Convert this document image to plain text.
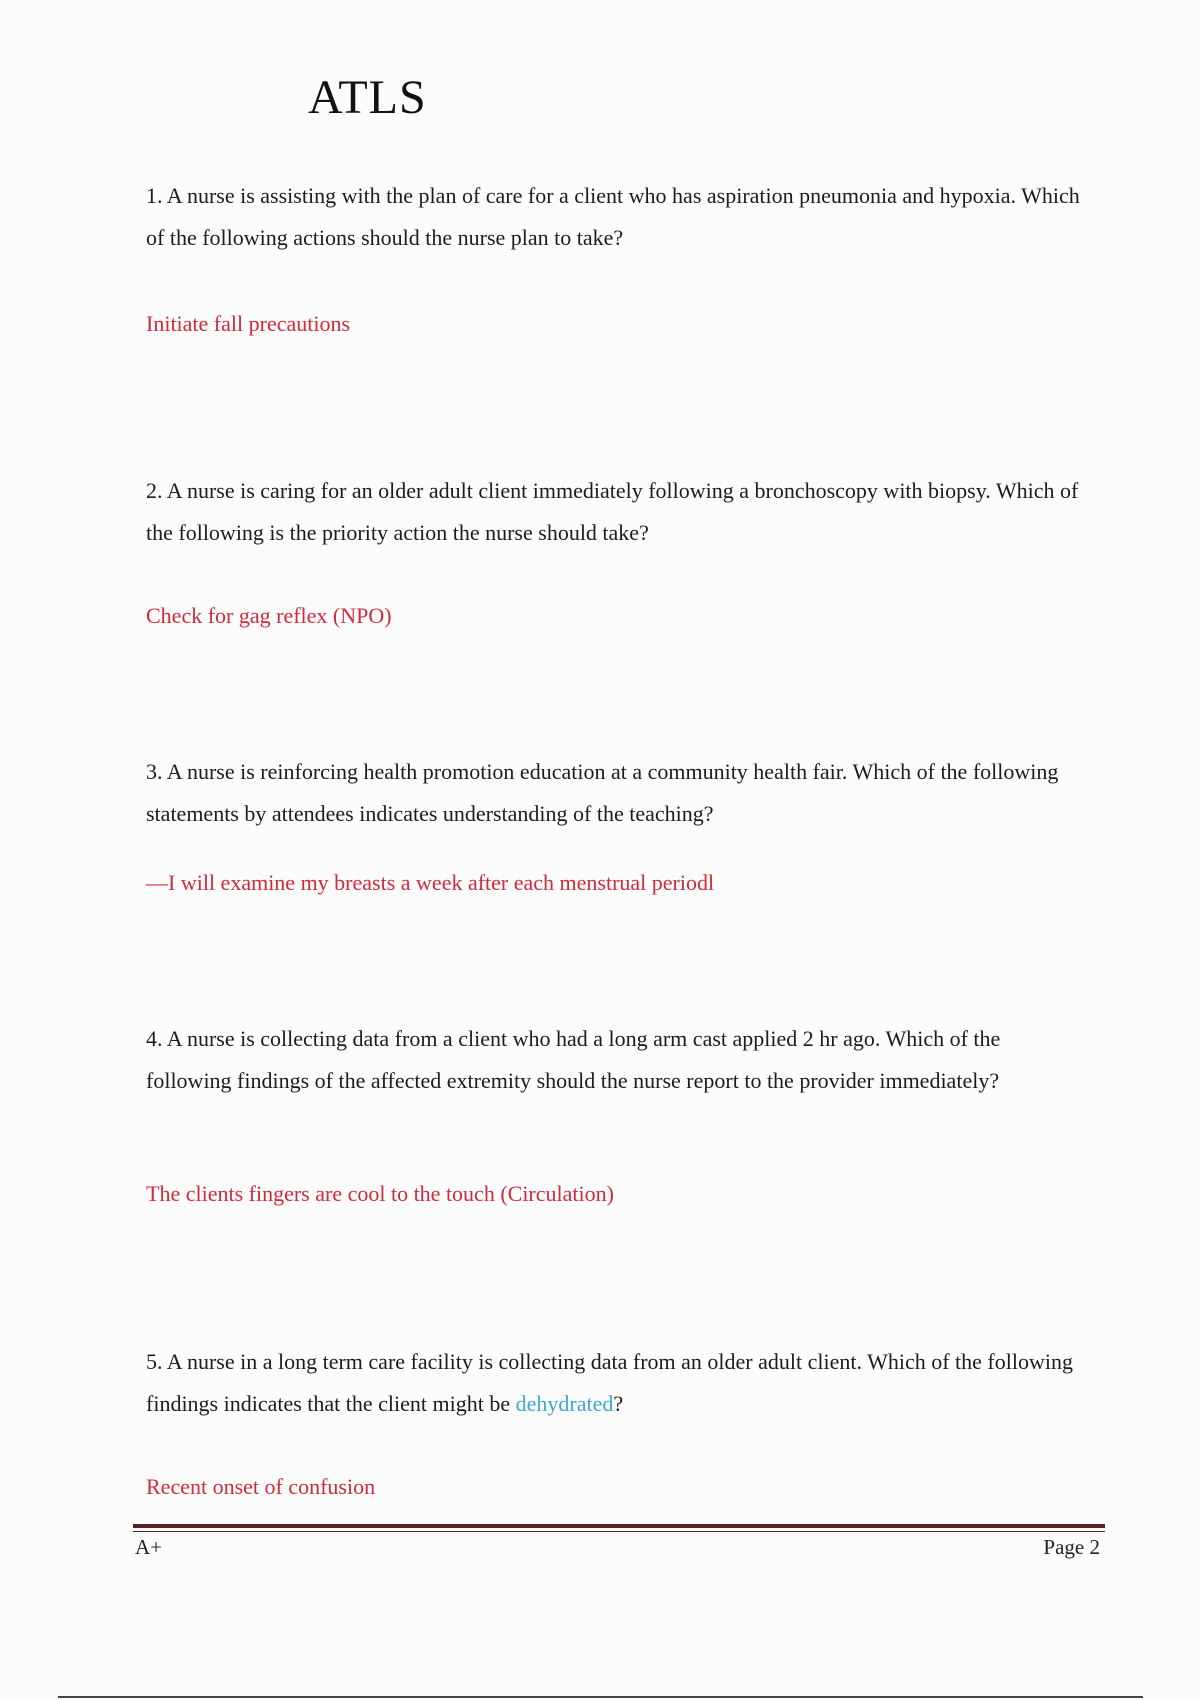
ATLS
1. A nurse is assisting with the plan of care for a client who has aspiration pneumonia and hypoxia. Which of the following actions should the nurse plan to take?
Initiate fall precautions
2. A nurse is caring for an older adult client immediately following a bronchoscopy with biopsy. Which of the following is the priority action the nurse should take?
Check for gag reflex (NPO)
3. A nurse is reinforcing health promotion education at a community health fair. Which of the following statements by attendees indicates understanding of the teaching?
—I will examine my breasts a week after each menstrual periodl
4. A nurse is collecting data from a client who had a long arm cast applied 2 hr ago. Which of the following findings of the affected extremity should the nurse report to the provider immediately?
The clients fingers are cool to the touch (Circulation)
5. A nurse in a long term care facility is collecting data from an older adult client. Which of the following findings indicates that the client might be dehydrated?
Recent onset of confusion
A+	Page 2
